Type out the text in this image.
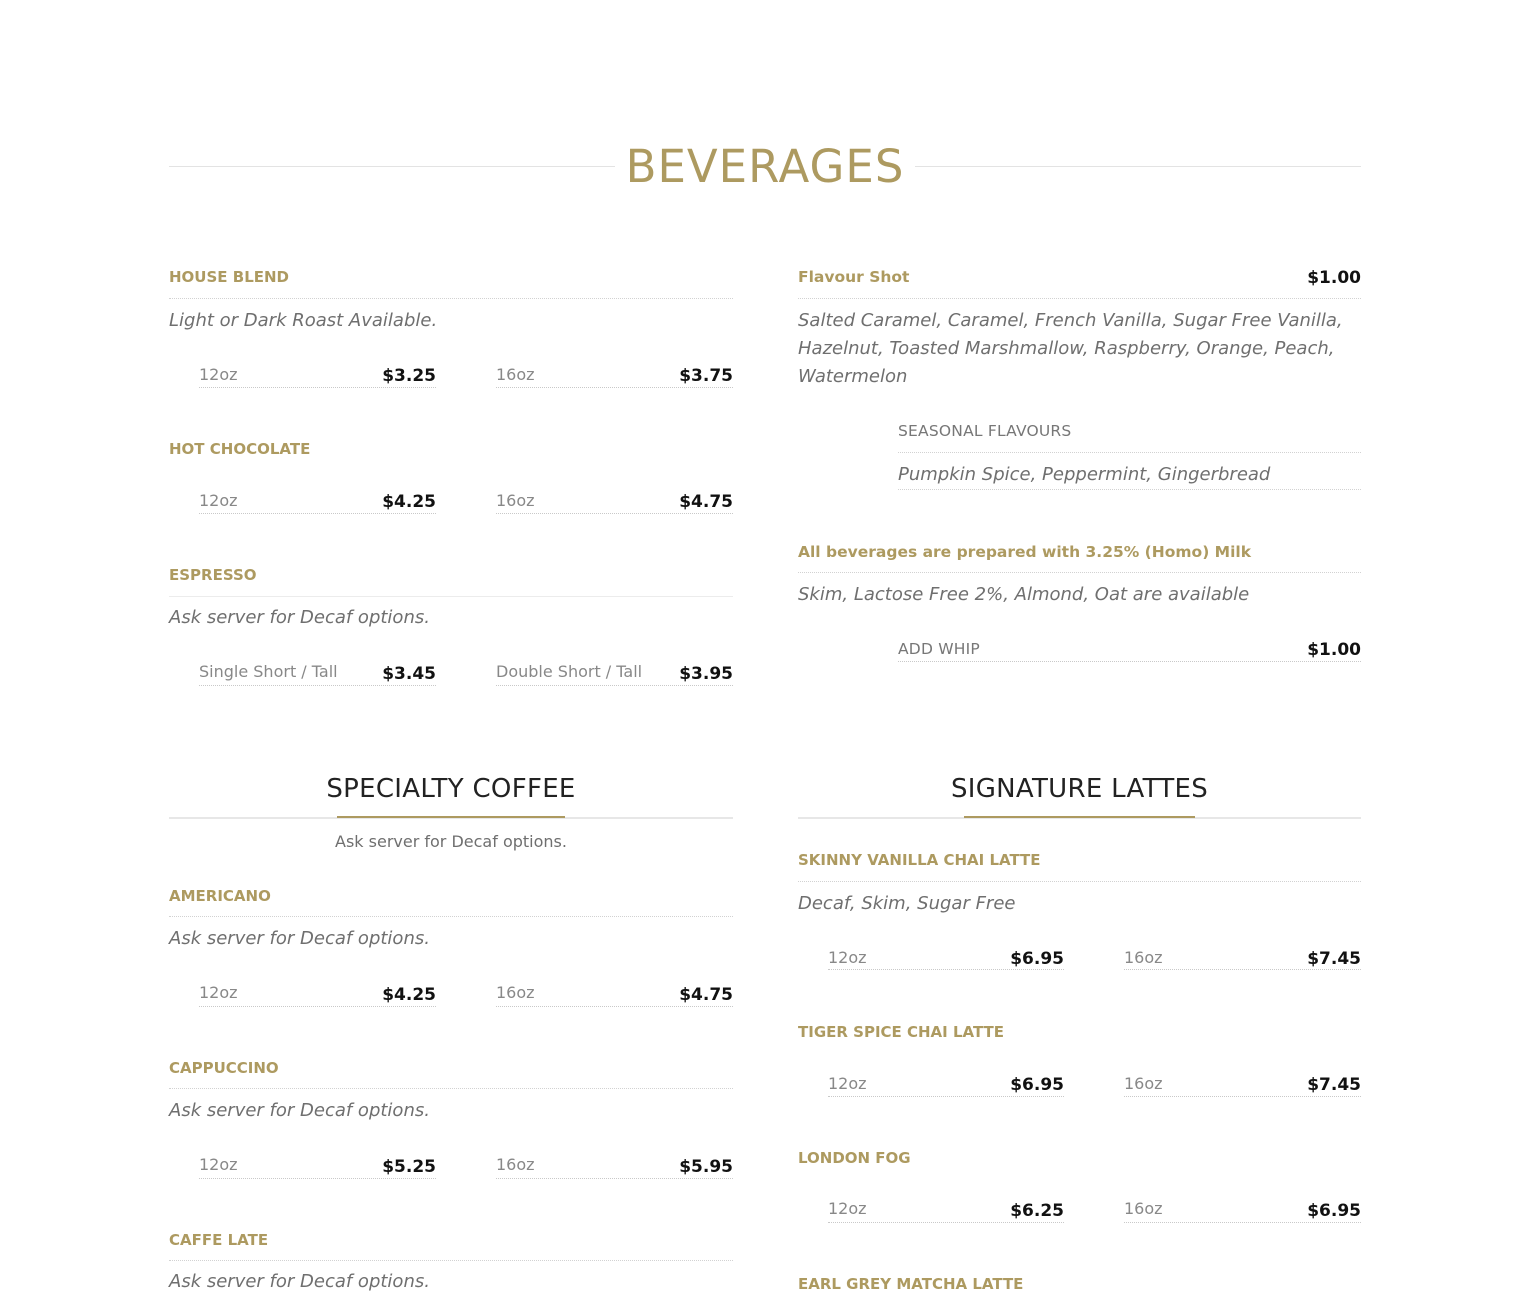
BEVERAGES
HOUSE BLEND
Light or Dark Roast Available.
12oz	$3.25	16oz	$3.75
HOT CHOCOLATE
12oz	$4.25	16oz	$4.75
ESPRESSO
Ask server for Decaf options.
Single Short / Tall	$3.45	Double Short / Tall $3.95
Flavour Shot	$1.00
Salted Caramel, Caramel, French Vanilla, Sugar Free Vanilla, Hazelnut, Toasted Marshmallow, Raspberry, Orange, Peach, Watermelon
SEASONAL FLAVOURS
Pumpkin Spice, Peppermint, Gingerbread
All beverages are prepared with 3.25% (Homo) Milk
Skim, Lactose Free 2%, Almond, Oat are available
ADD WHIP	$1.00
SPECIALTY COFFEE
Ask server for Decaf options.
AMERICANO
Ask server for Decaf options.
12oz	$4.25	16oz	$4.75
CAPPUCCINO
Ask server for Decaf options.
12oz	$5.25	16oz	$5.95
CAFFE LATE
Ask server for Decaf options.
SIGNATURE LATTES
SKINNY VANILLA CHAI LATTE
Decaf, Skim, Sugar Free
12oz	$6.95	16oz	$7.45
TIGER SPICE CHAI LATTE
12oz	$6.95	16oz	$7.45
LONDON FOG
12oz	$6.25	16oz	$6.95
EARL GREY MATCHA LATTE
